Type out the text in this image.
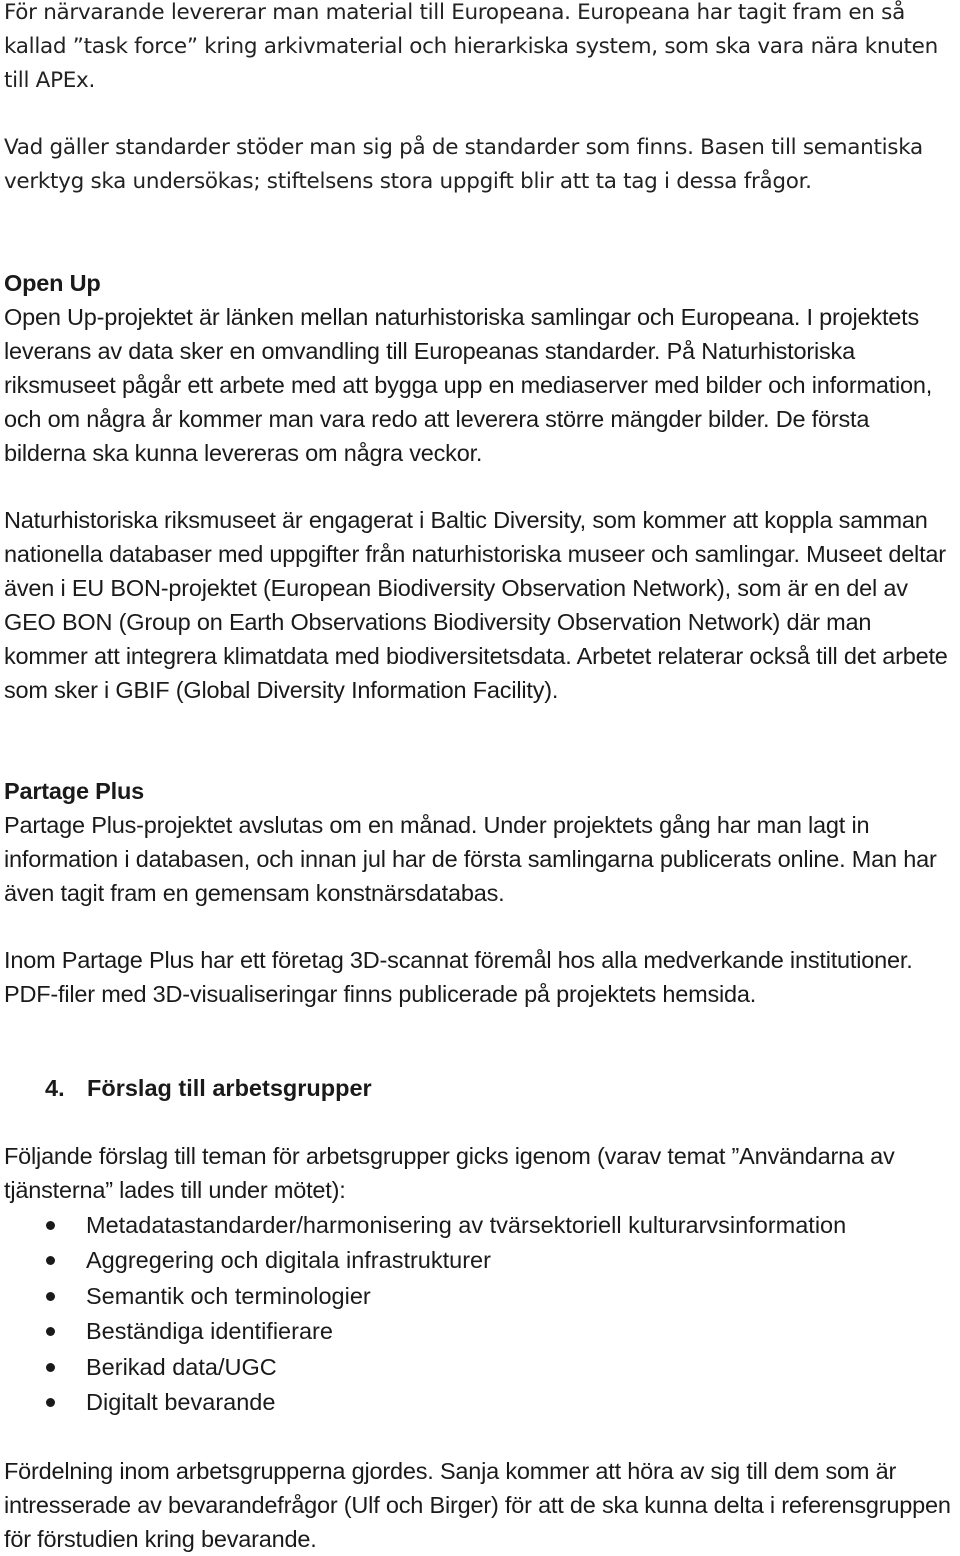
För närvarande levererar man material till Europeana. Europeana har tagit fram en så kallad ”task force” kring arkivmaterial och hierarkiska system, som ska vara nära knuten till APEx.

Vad gäller standarder stöder man sig på de standarder som finns. Basen till semantiska verktyg ska undersökas; stiftelsens stora uppgift blir att ta tag i dessa frågor.

Open Up

Open Up-projektet är länken mellan naturhistoriska samlingar och Europeana. I projektets leverans av data sker en omvandling till Europeanas standarder. På Naturhistoriska riksmuseet pågår ett arbete med att bygga upp en mediaserver med bilder och information, och om några år kommer man vara redo att leverera större mängder bilder. De första bilderna ska kunna levereras om några veckor.

Naturhistoriska riksmuseet är engagerat i Baltic Diversity, som kommer att koppla samman nationella databaser med uppgifter från naturhistoriska museer och samlingar. Museet deltar även i EU BON-projektet (European Biodiversity Observation Network), som är en del av GEO BON (Group on Earth Observations Biodiversity Observation Network) där man kommer att integrera klimatdata med biodiversitetsdata. Arbetet relaterar också till det arbete som sker i GBIF (Global Diversity Information Facility).

Partage Plus

Partage Plus-projektet avslutas om en månad. Under projektets gång har man lagt in information i databasen, och innan jul har de första samlingarna publicerats online. Man har även tagit fram en gemensam konstnärsdatabas.

Inom Partage Plus har ett företag 3D-scannat föremål hos alla medverkande institutioner. PDF-filer med 3D-visualiseringar finns publicerade på projektets hemsida.

4. Förslag till arbetsgrupper

Följande förslag till teman för arbetsgrupper gicks igenom (varav temat ”Användarna av tjänsterna” lades till under mötet):

Metadatastandarder/harmonisering av tvärsektoriell kulturarvsinformation
Aggregering och digitala infrastrukturer
Semantik och terminologier
Beständiga identifierare
Berikad data/UGC
Digitalt bevarande

Fördelning inom arbetsgrupperna gjordes. Sanja kommer att höra av sig till dem som är intresserade av bevarandefrågor (Ulf och Birger) för att de ska kunna delta i referensgruppen för förstudien kring bevarande.
